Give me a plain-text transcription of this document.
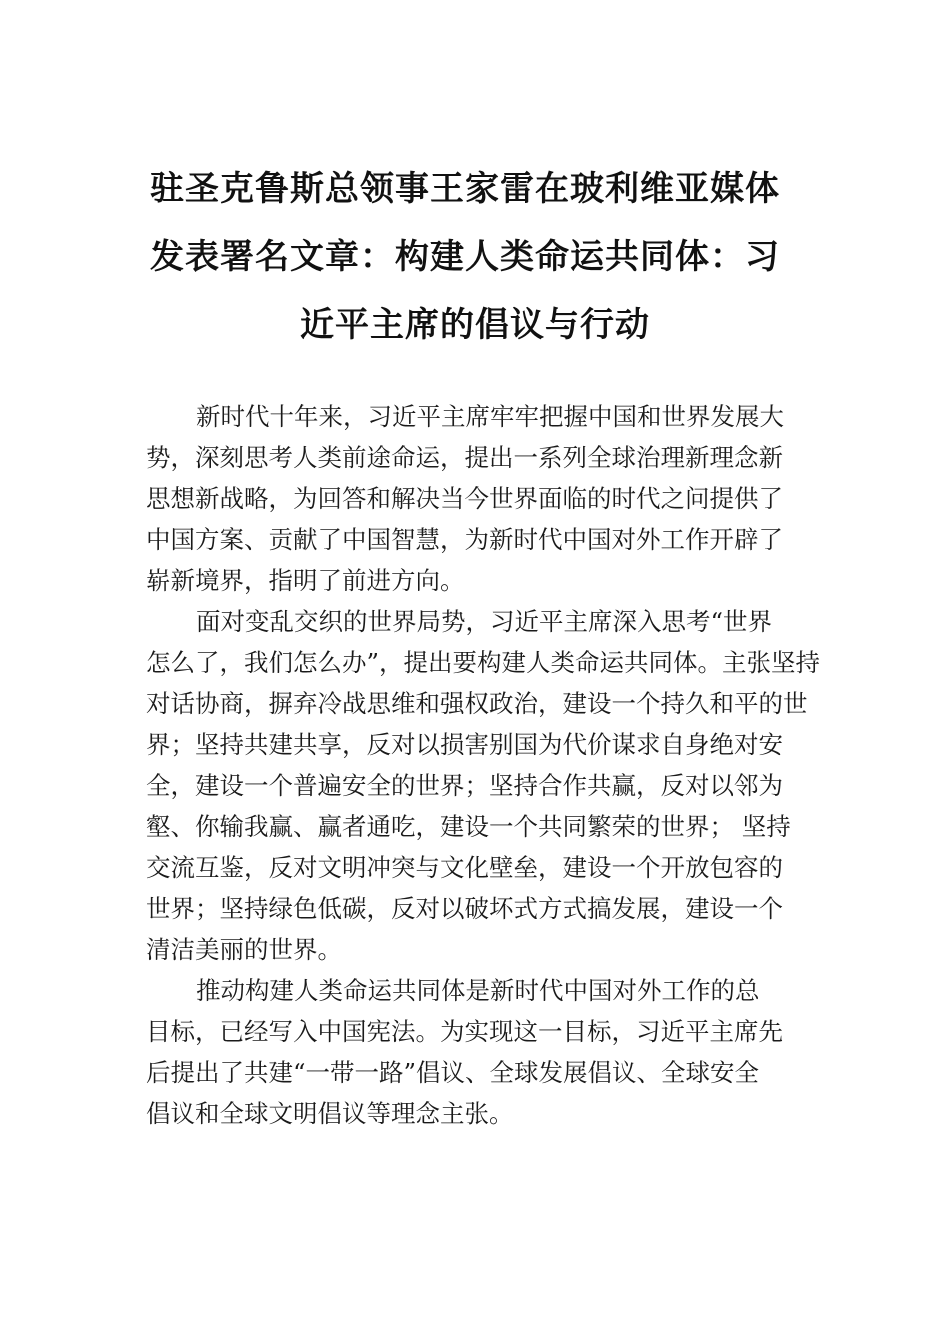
驻圣克鲁斯总领事王家雷在玻利维亚媒体
发表署名文章：构建人类命运共同体：习
近平主席的倡议与行动

新时代十年来，习近平主席牢牢把握中国和世界发展大
势，深刻思考人类前途命运，提出一系列全球治理新理念新
思想新战略，为回答和解决当今世界面临的时代之问提供了
中国方案、贡献了中国智慧，为新时代中国对外工作开辟了
崭新境界，指明了前进方向。

面对变乱交织的世界局势，习近平主席深入思考“世界
怎么了，我们怎么办”，提出要构建人类命运共同体。主张坚持
对话协商，摒弃冷战思维和强权政治，建设一个持久和平的世
界；坚持共建共享，反对以损害别国为代价谋求自身绝对安
全，建设一个普遍安全的世界；坚持合作共赢，反对以邻为
壑、你输我赢、赢者通吃，建设一个共同繁荣的世界； 坚持
交流互鉴，反对文明冲突与文化壁垒，建设一个开放包容的
世界；坚持绿色低碳，反对以破坏式方式搞发展，建设一个
清洁美丽的世界。

推动构建人类命运共同体是新时代中国对外工作的总
目标，已经写入中国宪法。为实现这一目标，习近平主席先
后提出了共建“一带一路”倡议、全球发展倡议、全球安全
倡议和全球文明倡议等理念主张。
